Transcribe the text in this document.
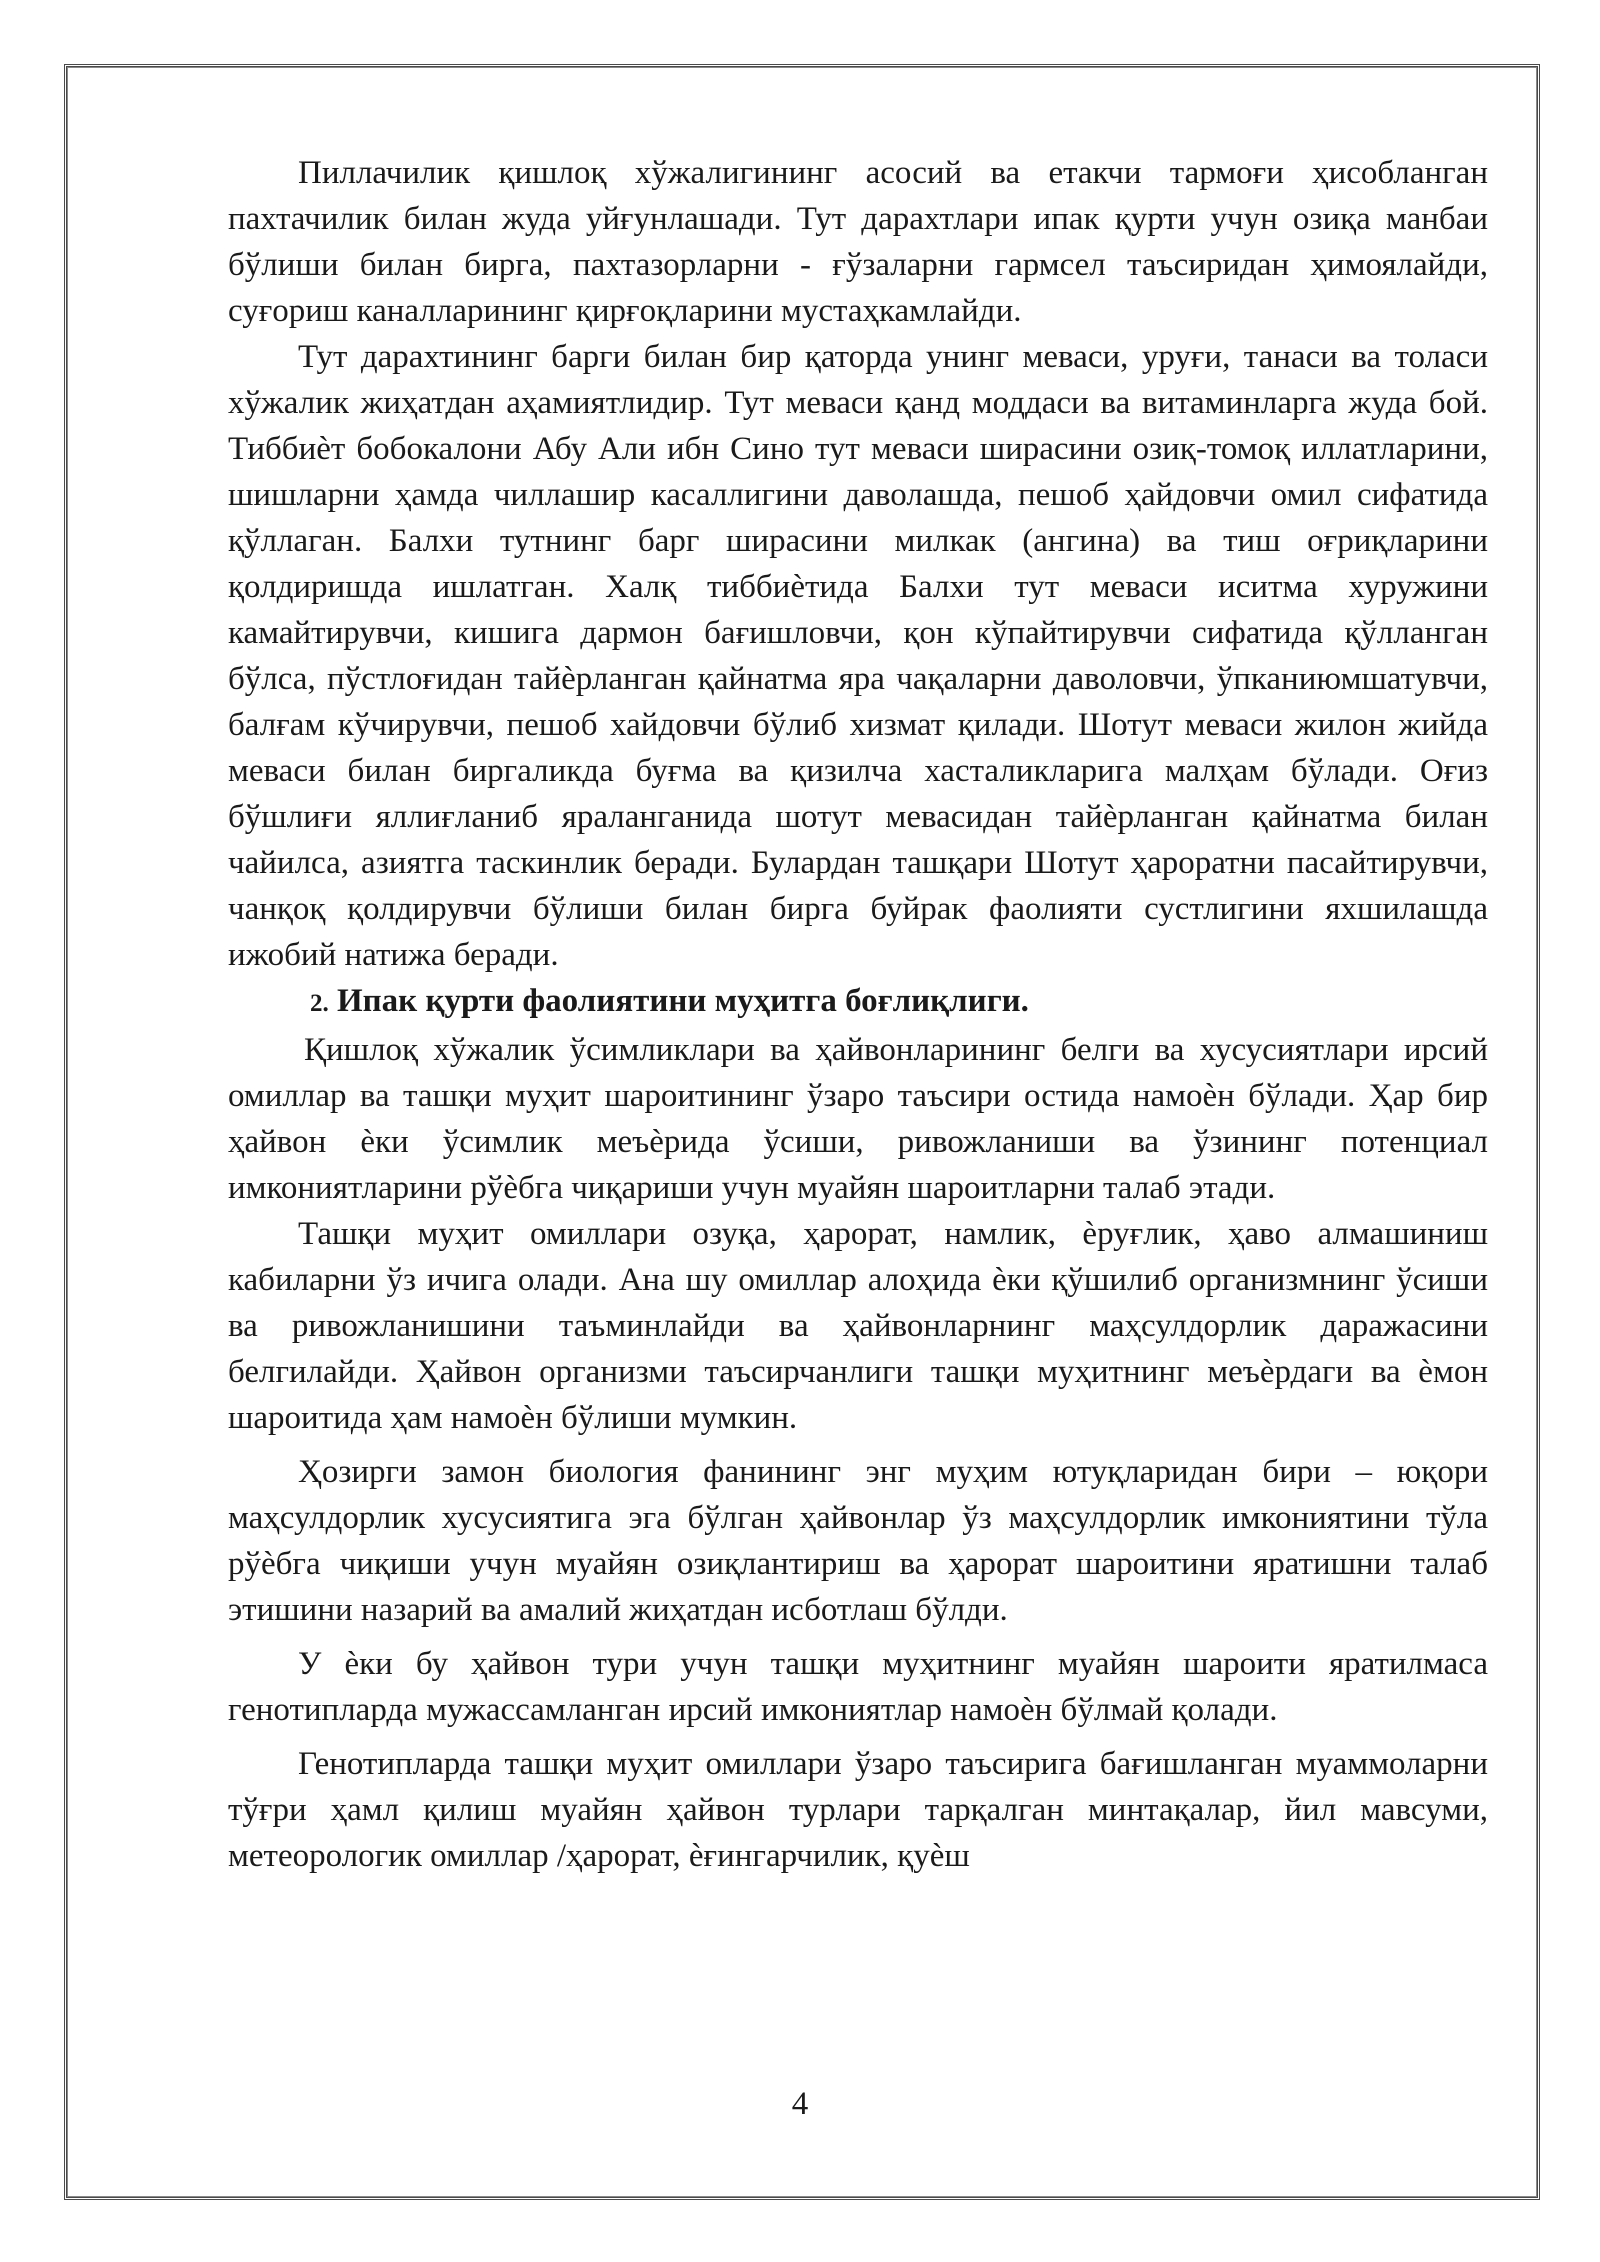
Пиллачилик қишлоқ хўжалигининг асосий ва етакчи тармоғи ҳисобланган пахтачилик билан жуда уйғунлашади. Тут дарахтлари ипак қурти учун озиқа манбаи бўлиши билан бирга, пахтазорларни - ғўзаларни гармсел таъсиридан ҳимоялайди, суғориш каналларининг қирғоқларини мустаҳкамлайди.

Тут дарахтининг барги билан бир қаторда унинг меваси, уруғи, танаси ва толаси хўжалик жиҳатдан аҳамиятлидир. Тут меваси қанд моддаси ва витаминларга жуда бой. Тиббиѐт бобокалони Абу Али ибн Сино тут меваси ширасини озиқ-томоқ иллатларини, шишларни ҳамда чиллашир касаллигини даволашда, пешоб ҳайдовчи омил сифатида қўллаган. Балхи тутнинг барг ширасини милкак (ангина) ва тиш оғриқларини қолдиришда ишлатган. Халқ тиббиѐтида Балхи тут меваси иситма хуружини камайтирувчи, кишига дармон бағишловчи, қон кўпайтирувчи сифатида қўлланган бўлса, пўстлоғидан тайѐрланган қайнатма яра чақаларни даволовчи, ўпканиюмшатувчи, балғам кўчирувчи, пешоб хайдовчи бўлиб хизмат қилади. Шотут меваси жилон жийда меваси билан биргаликда буғма ва қизилча хасталикларига малҳам бўлади. Оғиз бўшлиғи яллиғланиб яраланганида шотут мевасидан тайѐрланган қайнатма билан чайилса, азиятга таскинлик беради. Булардан ташқари Шотут ҳароратни пасайтирувчи, чанқоқ қолдирувчи бўлиши билан бирга буйрак фаолияти сустлигини яхшилашда ижобий натижа беради.

2. Ипак қурти фаолиятини муҳитга боғлиқлиги.

Қишлоқ хўжалик ўсимликлари ва ҳайвонларининг белги ва хусусиятлари ирсий омиллар ва ташқи муҳит шароитининг ўзаро таъсири остида намоѐн бўлади. Ҳар бир ҳайвон ѐки ўсимлик меъѐрида ўсиши, ривожланиши ва ўзининг потенциал имкониятларини рўѐбга чиқариши учун муайян шароитларни талаб этади.

Ташқи муҳит омиллари озуқа, ҳарорат, намлик, ѐруғлик, ҳаво алмашиниш кабиларни ўз ичига олади. Ана шу омиллар алоҳида ѐки қўшилиб организмнинг ўсиши ва ривожланишини таъминлайди ва ҳайвонларнинг маҳсулдорлик даражасини белгилайди. Ҳайвон организми таъсирчанлиги ташқи муҳитнинг меъѐрдаги ва ѐмон шароитида ҳам намоѐн бўлиши мумкин.

Ҳозирги замон биология фанининг энг муҳим ютуқларидан бири – юқори маҳсулдорлик хусусиятига эга бўлган ҳайвонлар ўз маҳсулдорлик имкониятини тўла рўѐбга чиқиши учун муайян озиқлантириш ва ҳарорат шароитини яратишни талаб этишини назарий ва амалий жиҳатдан исботлаш бўлди.

У ѐки бу ҳайвон тури учун ташқи муҳитнинг муайян шароити яратилмаса генотипларда мужассамланган ирсий имкониятлар намоѐн бўлмай қолади.

Генотипларда ташқи муҳит омиллари ўзаро таъсирига бағишланган муаммоларни тўғри ҳамл қилиш муайян ҳайвон турлари тарқалган минтақалар, йил мавсуми, метеорологик омиллар /ҳарорат, ѐғингарчилик, қуѐш

4
